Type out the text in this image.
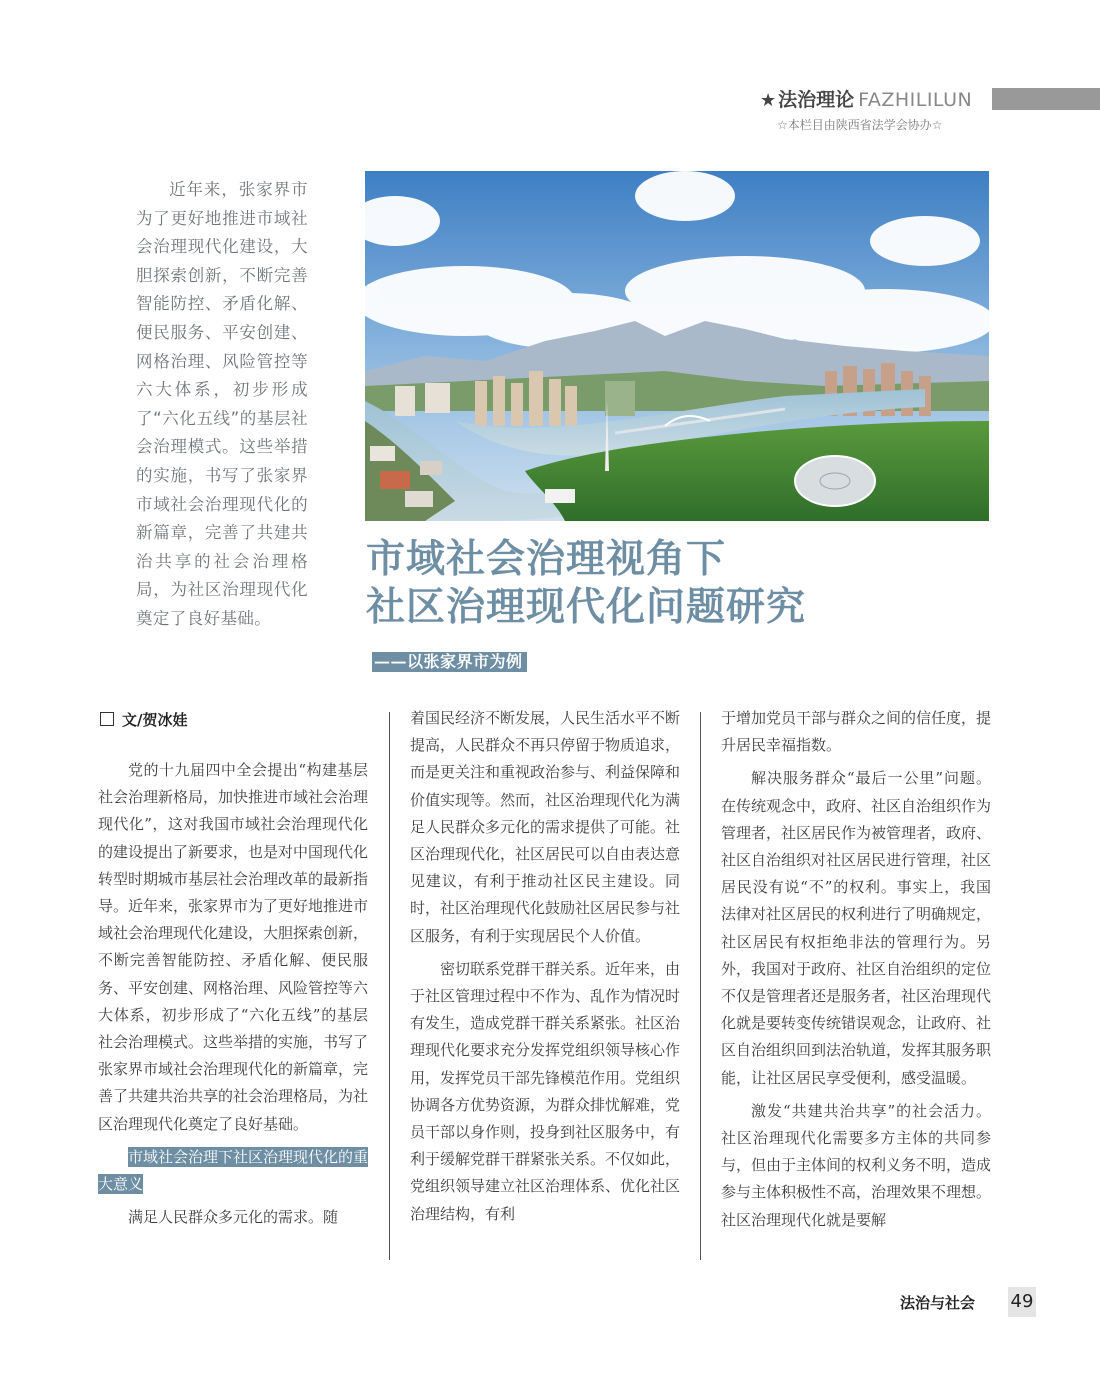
★ 法治理论 FAZHILILUN
☆本栏目由陕西省法学会协办☆
近年来，张家界市为了更好地推进市域社会治理现代化建设，大胆探索创新，不断完善智能防控、矛盾化解、便民服务、平安创建、网格治理、风险管控等六大体系，初步形成了“六化五线”的基层社会治理模式。这些举措的实施，书写了张家界市域社会治理现代化的新篇章，完善了共建共治共享的社会治理格局，为社区治理现代化奠定了良好基础。
市域社会治理视角下
社区治理现代化问题研究
——以张家界市为例
文/贺冰娃

党的十九届四中全会提出“构建基层社会治理新格局，加快推进市域社会治理现代化”，这对我国市域社会治理现代化的建设提出了新要求，也是对中国现代化转型时期城市基层社会治理改革的最新指导。近年来，张家界市为了更好地推进市域社会治理现代化建设，大胆探索创新，不断完善智能防控、矛盾化解、便民服务、平安创建、网格治理、风险管控等六大体系，初步形成了“六化五线”的基层社会治理模式。这些举措的实施，书写了张家界市域社会治理现代化的新篇章，完善了共建共治共享的社会治理格局，为社区治理现代化奠定了良好基础。

市域社会治理下社区治理现代化的重大意义

满足人民群众多元化的需求。随

着国民经济不断发展，人民生活水平不断提高，人民群众不再只停留于物质追求，而是更关注和重视政治参与、利益保障和价值实现等。然而，社区治理现代化为满足人民群众多元化的需求提供了可能。社区治理现代化，社区居民可以自由表达意见建议，有利于推动社区民主建设。同时，社区治理现代化鼓励社区居民参与社区服务，有利于实现居民个人价值。

密切联系党群干群关系。近年来，由于社区管理过程中不作为、乱作为情况时有发生，造成党群干群关系紧张。社区治理现代化要求充分发挥党组织领导核心作用，发挥党员干部先锋模范作用。党组织协调各方优势资源，为群众排忧解难，党员干部以身作则，投身到社区服务中，有利于缓解党群干群紧张关系。不仅如此，党组织领导建立社区治理体系、优化社区治理结构，有利

于增加党员干部与群众之间的信任度，提升居民幸福指数。

解决服务群众“最后一公里”问题。在传统观念中，政府、社区自治组织作为管理者，社区居民作为被管理者，政府、社区自治组织对社区居民进行管理，社区居民没有说“不”的权利。事实上，我国法律对社区居民的权利进行了明确规定，社区居民有权拒绝非法的管理行为。另外，我国对于政府、社区自治组织的定位不仅是管理者还是服务者，社区治理现代化就是要转变传统错误观念，让政府、社区自治组织回到法治轨道，发挥其服务职能，让社区居民享受便利，感受温暖。

激发“共建共治共享”的社会活力。社区治理现代化需要多方主体的共同参与，但由于主体间的权利义务不明，造成参与主体积极性不高，治理效果不理想。社区治理现代化就是要解

法治与社会 49
